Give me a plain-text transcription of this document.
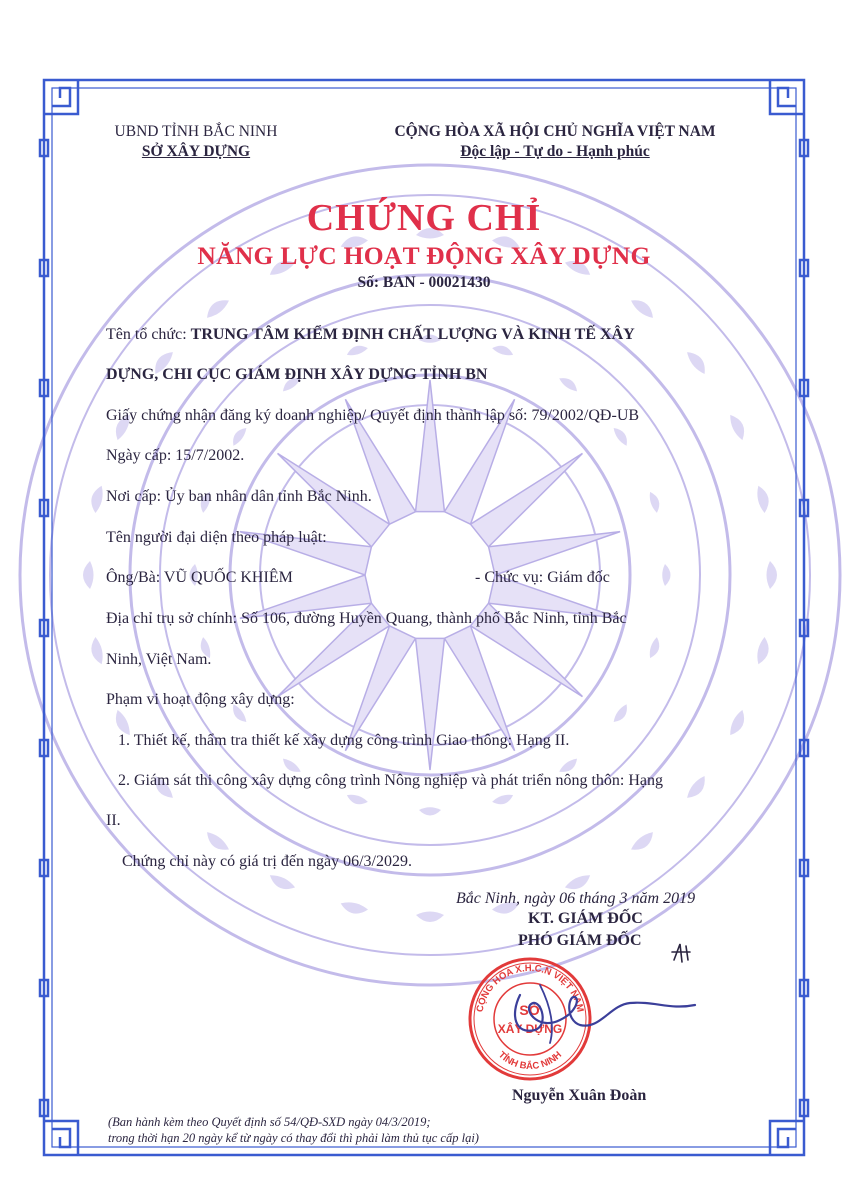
UBND TỈNH BẮC NINH
SỞ XÂY DỰNG
CỘNG HÒA XÃ HỘI CHỦ NGHĨA VIỆT NAM
Độc lập - Tự do - Hạnh phúc
CHỨNG CHỈ
NĂNG LỰC HOẠT ĐỘNG XÂY DỰNG
Số: BAN - 00021430
Tên tổ chức: TRUNG TÂM KIỂM ĐỊNH CHẤT LƯỢNG VÀ KINH TẾ XÂY
DỰNG, CHI CỤC GIÁM ĐỊNH XÂY DỰNG TỈNH BN
Giấy chứng nhận đăng ký doanh nghiệp/ Quyết định thành lập số: 79/2002/QĐ-UB
Ngày cấp: 15/7/2002.
Nơi cấp: Ủy ban nhân dân tỉnh Bắc Ninh.
Tên người đại diện theo pháp luật:
Ông/Bà: VŨ QUỐC KHIÊM	- Chức vụ: Giám đốc
Địa chỉ trụ sở chính: Số 106, đường Huyền Quang, thành phố Bắc Ninh, tỉnh Bắc
Ninh, Việt Nam.
Phạm vi hoạt động xây dựng:
1. Thiết kế, thẩm tra thiết kế xây dựng công trình Giao thông: Hạng II.
2. Giám sát thi công xây dựng công trình Nông nghiệp và phát triển nông thôn: Hạng
II.
Chứng chỉ này có giá trị đến ngày 06/3/2029.
Bắc Ninh, ngày 06 tháng 3 năm 2019
KT. GIÁM ĐỐC
PHÓ GIÁM ĐỐC
CỘNG HÒA X.H.C.N VIỆT NAM
TỈNH BẮC NINH
SỞ
XÂY DỰNG
Nguyễn Xuân Đoàn
(Ban hành kèm theo Quyết định số 54/QĐ-SXD ngày 04/3/2019;
trong thời hạn 20 ngày kể từ ngày có thay đổi thì phải làm thủ tục cấp lại)
